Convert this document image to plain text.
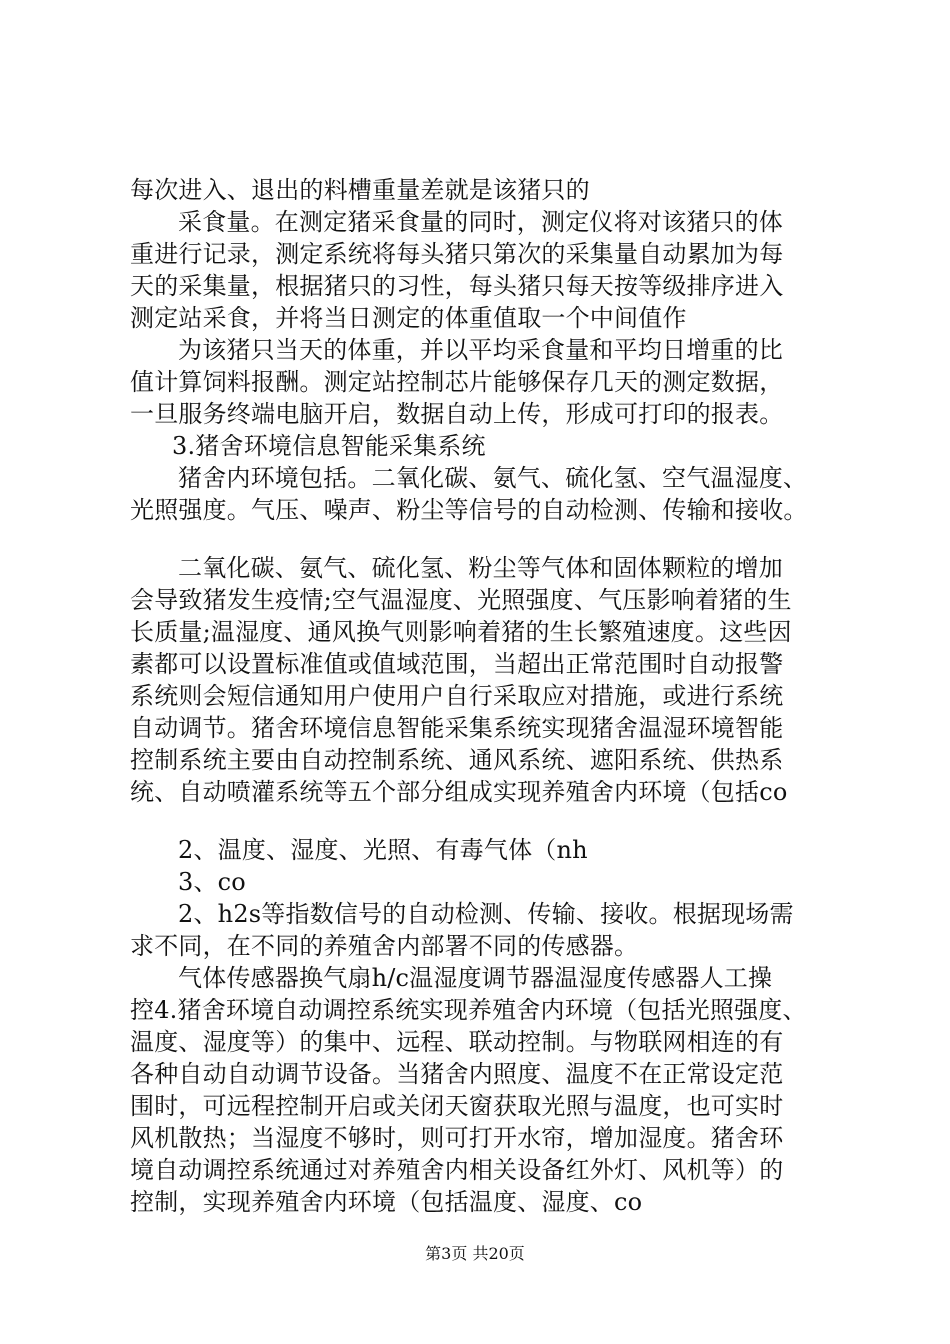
每次进入、退出的料槽重量差就是该猪只的
采食量。在测定猪采食量的同时，测定仪将对该猪只的体
重进行记录，测定系统将每头猪只第次的采集量自动累加为每
天的采集量，根据猪只的习性，每头猪只每天按等级排序进入
测定站采食，并将当日测定的体重值取一个中间值作
为该猪只当天的体重，并以平均采食量和平均日增重的比
值计算饲料报酬。测定站控制芯片能够保存几天的测定数据，
一旦服务终端电脑开启，数据自动上传，形成可打印的报表。
3.猪舍环境信息智能采集系统
猪舍内环境包括。二氧化碳、氨气、硫化氢、空气温湿度、
光照强度。气压、噪声、粉尘等信号的自动检测、传输和接收。
二氧化碳、氨气、硫化氢、粉尘等气体和固体颗粒的增加
会导致猪发生疫情;空气温湿度、光照强度、气压影响着猪的生
长质量;温湿度、通风换气则影响着猪的生长繁殖速度。这些因
素都可以设置标准值或值域范围，当超出正常范围时自动报警
系统则会短信通知用户使用户自行采取应对措施，或进行系统
自动调节。猪舍环境信息智能采集系统实现猪舍温湿环境智能
控制系统主要由自动控制系统、通风系统、遮阳系统、供热系
统、自动喷灌系统等五个部分组成实现养殖舍内环境（包括co
2、温度、湿度、光照、有毒气体（nh
3、co
2、h2s等指数信号的自动检测、传输、接收。根据现场需
求不同，在不同的养殖舍内部署不同的传感器。
气体传感器换气扇h/c温湿度调节器温湿度传感器人工操
控4.猪舍环境自动调控系统实现养殖舍内环境（包括光照强度、
温度、湿度等）的集中、远程、联动控制。与物联网相连的有
各种自动自动调节设备。当猪舍内照度、温度不在正常设定范
围时，可远程控制开启或关闭天窗获取光照与温度，也可实时
风机散热；当湿度不够时，则可打开水帘，增加湿度。猪舍环
境自动调控系统通过对养殖舍内相关设备红外灯、风机等）的
控制，实现养殖舍内环境（包括温度、湿度、co
第3页 共20页
